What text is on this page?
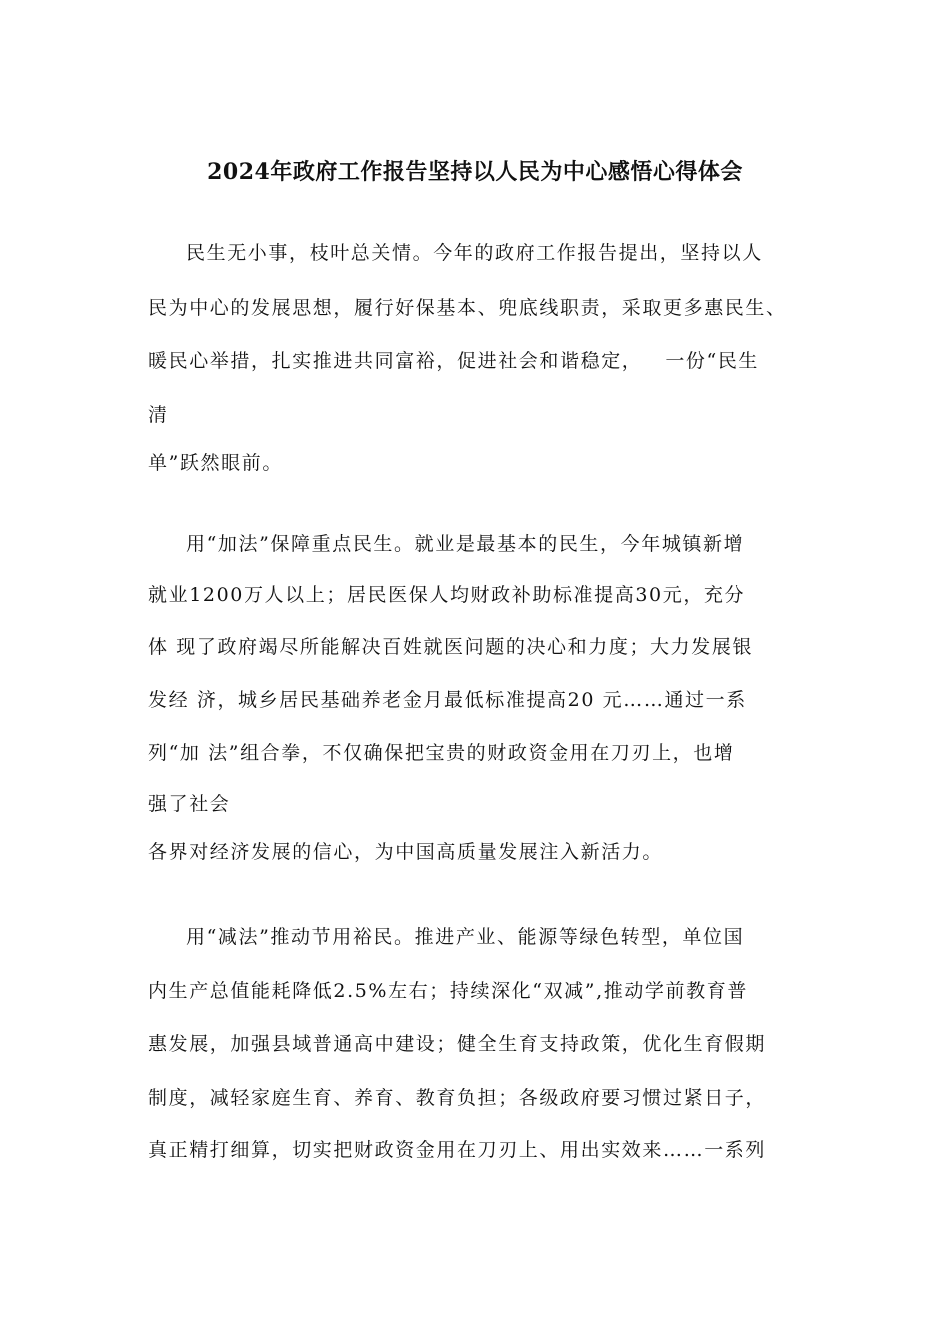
2024年政府工作报告坚持以人民为中心感悟心得体会
民生无小事，枝叶总关情。今年的政府工作报告提出，坚持以人
民为中心的发展思想，履行好保基本、兜底线职责，采取更多惠民生、
暖民心举措，扎实推进共同富裕，促进社会和谐稳定，   一份“民生
清
单”跃然眼前。
用“加法”保障重点民生。就业是最基本的民生，今年城镇新增
就业1200万人以上；居民医保人均财政补助标准提高30元，充分
体 现了政府竭尽所能解决百姓就医问题的决心和力度；大力发展银
发经 济，城乡居民基础养老金月最低标准提高20 元……通过一系
列“加 法”组合拳，不仅确保把宝贵的财政资金用在刀刃上，也增
强了社会
各界对经济发展的信心，为中国高质量发展注入新活力。
用“减法”推动节用裕民。推进产业、能源等绿色转型，单位国
内生产总值能耗降低2.5%左右；持续深化“双减”,推动学前教育普
惠发展，加强县域普通高中建设；健全生育支持政策，优化生育假期
制度，减轻家庭生育、养育、教育负担；各级政府要习惯过紧日子，
真正精打细算，切实把财政资金用在刀刃上、用出实效来……一系列
